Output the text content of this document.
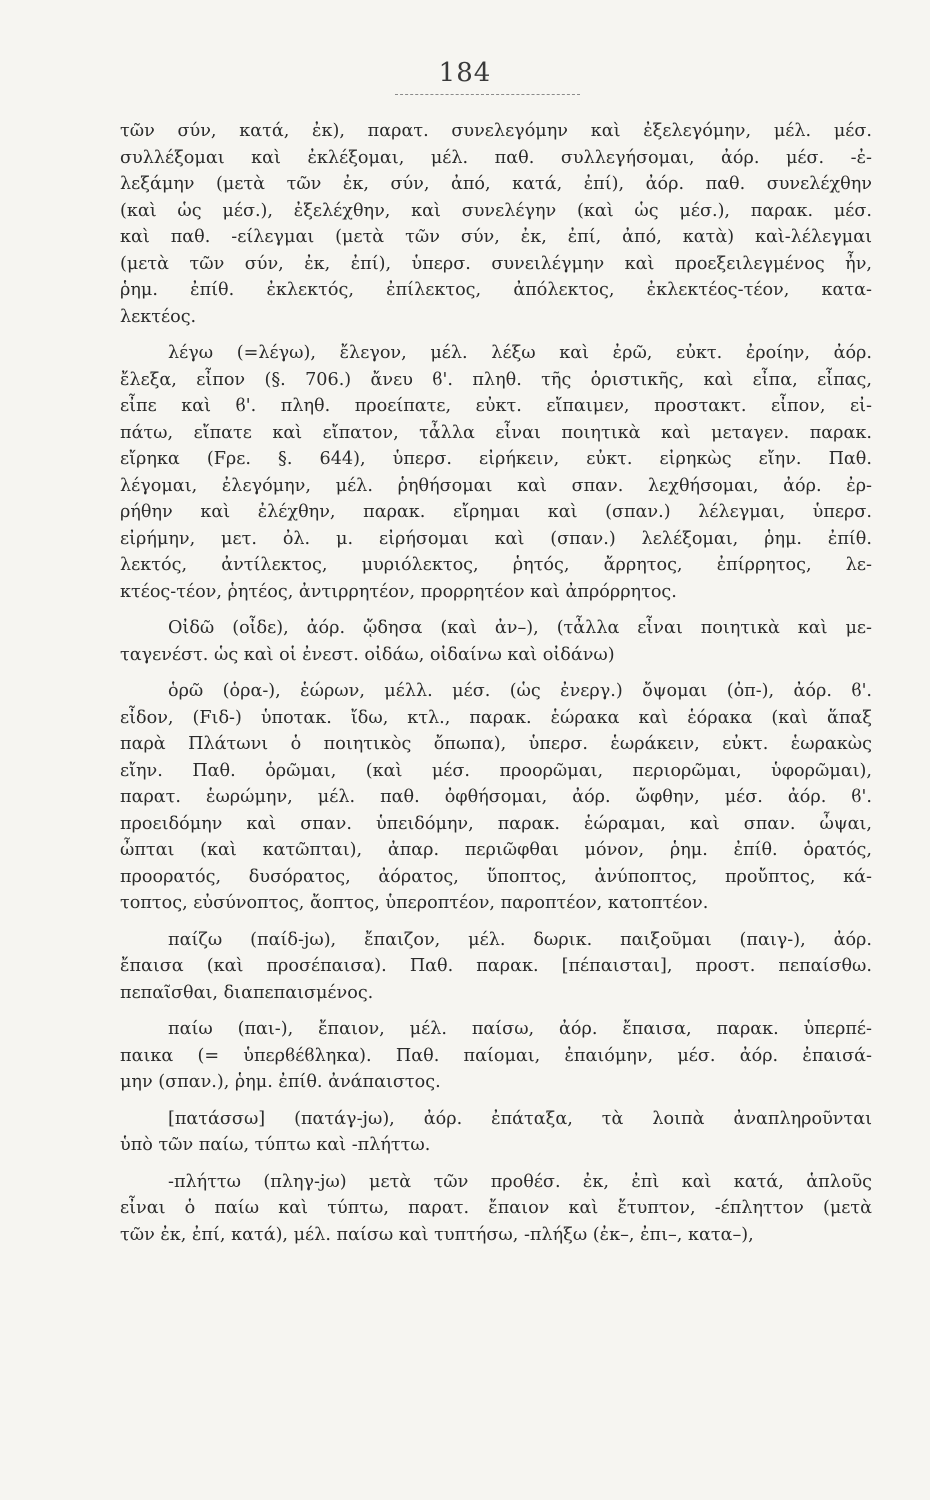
184
τῶν σύν, κατά, ἐκ), παρατ. συνελεγόμην καὶ ἐξελεγόμην, μέλ. μέσ.
συλλέξομαι καὶ ἐκλέξομαι, μέλ. παθ. συλλεγήσομαι, ἀόρ. μέσ. -ἐ-
λεξάμην (μετὰ τῶν ἐκ, σύν, ἀπό, κατά, ἐπί), ἀόρ. παθ. συνελέχθην
(καὶ ὡς μέσ.), ἐξελέχθην, καὶ συνελέγην (καὶ ὡς μέσ.), παρακ. μέσ.
καὶ παθ. -είλεγμαι (μετὰ τῶν σύν, ἐκ, ἐπί, ἀπό, κατὰ) καὶ-λέλεγμαι
(μετὰ τῶν σύν, ἐκ, ἐπί), ὑπερσ. συνειλέγμην καὶ προεξειλεγμένος ἦν,
ῥημ. ἐπίθ. ἐκλεκτός, ἐπίλεκτος, ἀπόλεκτος, ἐκλεκτέος-τέον, κατα-
λεκτέος.
λέγω (=λέγω), ἔλεγον, μέλ. λέξω καὶ ἐρῶ, εὐκτ. ἐροίην, ἀόρ.
ἔλεξα, εἶπον (§. 706.) ἄνευ ϐ'. πληθ. τῆς ὁριστικῆς, καὶ εἶπα, εἶπας,
εἶπε καὶ ϐ'. πληθ. προείπατε, εὐκτ. εἴπαιμεν, προστακτ. εἶπον, εἰ-
πάτω, εἴπατε καὶ εἴπατον, τἆλλα εἶναι ποιητικὰ καὶ μεταγεν. παρακ.
εἴρηκα (Fρε. §. 644), ὑπερσ. εἰρήκειν, εὐκτ. εἰρηκὼς εἴην. Παθ.
λέγομαι, ἐλεγόμην, μέλ. ῥηθήσομαι καὶ σπαν. λεχθήσομαι, ἀόρ. ἐρ-
ρήθην καὶ ἐλέχθην, παρακ. εἴρημαι καὶ (σπαν.) λέλεγμαι, ὑπερσ.
εἰρήμην, μετ. ὀλ. μ. εἰρήσομαι καὶ (σπαν.) λελέξομαι, ῥημ. ἐπίθ.
λεκτός, ἀντίλεκτος, μυριόλεκτος, ῥητός, ἄρρητος, ἐπίρρητος, λε-
κτέος-τέον, ῥητέος, ἀντιρρητέον, προρρητέον καὶ ἀπρόρρητος.
Οἰδῶ (οἶδε), ἀόρ. ᾤδησα (καὶ ἀν–), (τἆλλα εἶναι ποιητικὰ καὶ με-
ταγενέστ. ὡς καὶ οἱ ἐνεστ. οἰδάω, οἰδαίνω καὶ οἰδάνω)
ὁρῶ (ὁρα-), ἑώρων, μέλλ. μέσ. (ὡς ἐνεργ.) ὄψομαι (ὀπ-), ἀόρ. ϐ'.
εἶδον, (Fιδ-) ὑποτακ. ἴδω, κτλ., παρακ. ἑώρακα καὶ ἑόρακα (καὶ ἅπαξ
παρὰ Πλάτωνι ὁ ποιητικὸς ὄπωπα), ὑπερσ. ἑωράκειν, εὐκτ. ἑωρακὼς
εἴην. Παθ. ὁρῶμαι, (καὶ μέσ. προορῶμαι, περιορῶμαι, ὑφορῶμαι),
παρατ. ἑωρώμην, μέλ. παθ. ὀφθήσομαι, ἀόρ. ὤφθην, μέσ. ἀόρ. ϐ'.
προειδόμην καὶ σπαν. ὑπειδόμην, παρακ. ἑώραμαι, καὶ σπαν. ὦψαι,
ὦπται (καὶ κατῶπται), ἀπαρ. περιῶφθαι μόνον, ῥημ. ἐπίθ. ὁρατός,
προορατός, δυσόρατος, ἀόρατος, ὕποπτος, ἀνύποπτος, προὔπτος, κά-
τοπτος, εὐσύνοπτος, ἄοπτος, ὑπεροπτέον, παροπτέον, κατοπτέον.
παίζω (παίδ-jω), ἔπαιζον, μέλ. δωρικ. παιξοῦμαι (παιγ-), ἀόρ.
ἔπαισα (καὶ προσέπαισα). Παθ. παρακ. [πέπαισται], προστ. πεπαίσθω.
πεπαῖσθαι, διαπεπαισμένος.
παίω (παι-), ἔπαιον, μέλ. παίσω, ἀόρ. ἔπαισα, παρακ. ὑπερπέ-
παικα (= ὑπερϐέϐληκα). Παθ. παίομαι, ἐπαιόμην, μέσ. ἀόρ. ἐπαισά-
μην (σπαν.), ῥημ. ἐπίθ. ἀνάπαιστος.
[πατάσσω] (πατάγ-jω), ἀόρ. ἐπάταξα, τὰ λοιπὰ ἀναπληροῦνται
ὑπὸ τῶν παίω, τύπτω καὶ -πλήττω.
-πλήττω (πληγ-jω) μετὰ τῶν προθέσ. ἐκ, ἐπὶ καὶ κατά, ἁπλοῦς
εἶναι ὁ παίω καὶ τύπτω, παρατ. ἔπαιον καὶ ἔτυπτον, -έπληττον (μετὰ
τῶν ἐκ, ἐπί, κατά), μέλ. παίσω καὶ τυπτήσω, -πλήξω (ἐκ–, ἐπι–, κατα–),
